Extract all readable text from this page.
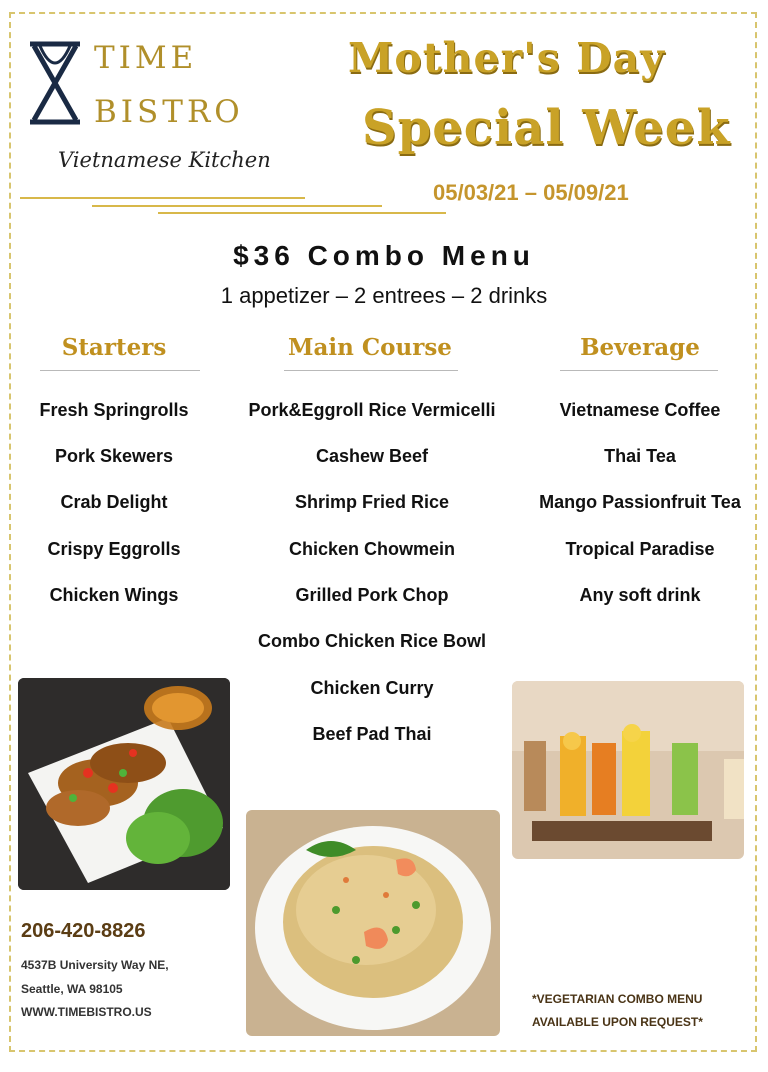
TIME
BISTRO
Vietnamese Kitchen
Mother's Day
Special Week
05/03/21 – 05/09/21
$36 Combo Menu
1 appetizer – 2 entrees – 2 drinks
Starters	Main Course	Beverage
Fresh Springrolls
Pork Skewers
Crab Delight
Crispy Eggrolls
Chicken Wings
Pork&Eggroll Rice Vermicelli
Cashew Beef
Shrimp Fried Rice
Chicken Chowmein
Grilled Pork Chop
Combo Chicken Rice Bowl
Chicken Curry
Beef Pad Thai
Vietnamese Coffee
Thai Tea
Mango Passionfruit Tea
Tropical Paradise
Any soft drink
206-420-8826
4537B University Way NE,
Seattle, WA 98105
WWW.TIMEBISTRO.US
*VEGETARIAN COMBO MENU
AVAILABLE UPON REQUEST*
